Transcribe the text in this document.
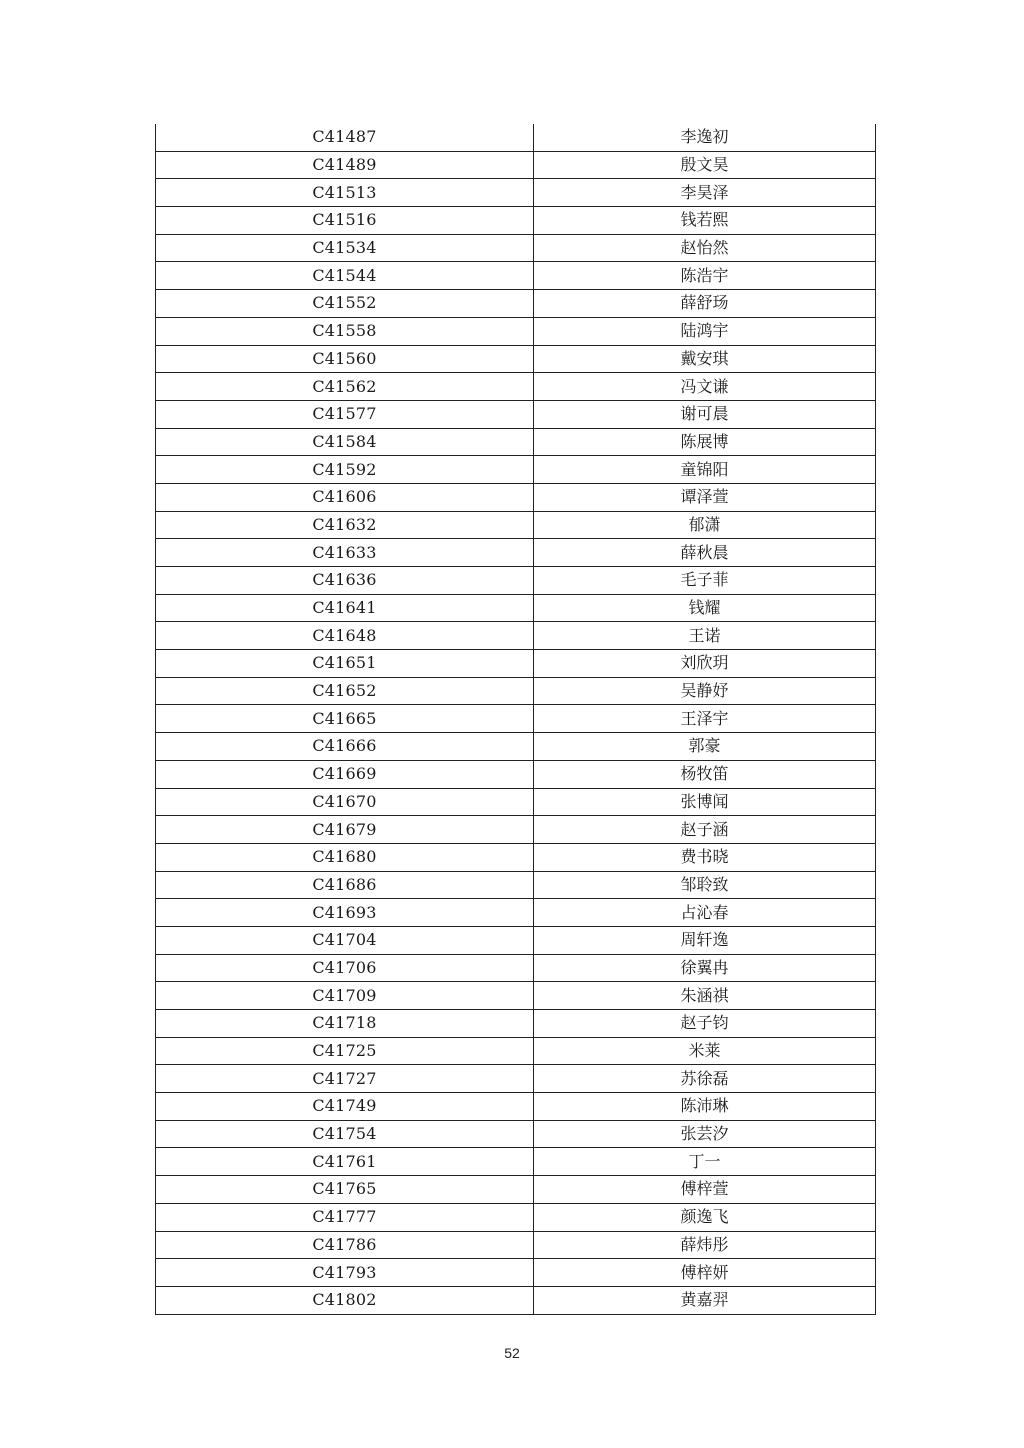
C41487	李逸初
C41489	殷文昊
C41513	李昊泽
C41516	钱若熙
C41534	赵怡然
C41544	陈浩宇
C41552	薛舒玚
C41558	陆鸿宇
C41560	戴安琪
C41562	冯文谦
C41577	谢可晨
C41584	陈展博
C41592	童锦阳
C41606	谭泽萱
C41632	郁潇
C41633	薛秋晨
C41636	毛子菲
C41641	钱耀
C41648	王诺
C41651	刘欣玥
C41652	吴静妤
C41665	王泽宇
C41666	郭豪
C41669	杨牧笛
C41670	张博闻
C41679	赵子涵
C41680	费书晓
C41686	邹聆致
C41693	占沁春
C41704	周轩逸
C41706	徐翼冉
C41709	朱涵祺
C41718	赵子钧
C41725	米莱
C41727	苏徐磊
C41749	陈沛琳
C41754	张芸汐
C41761	丁一
C41765	傅梓萱
C41777	颜逸飞
C41786	薛炜彤
C41793	傅梓妍
C41802	黄嘉羿
52
